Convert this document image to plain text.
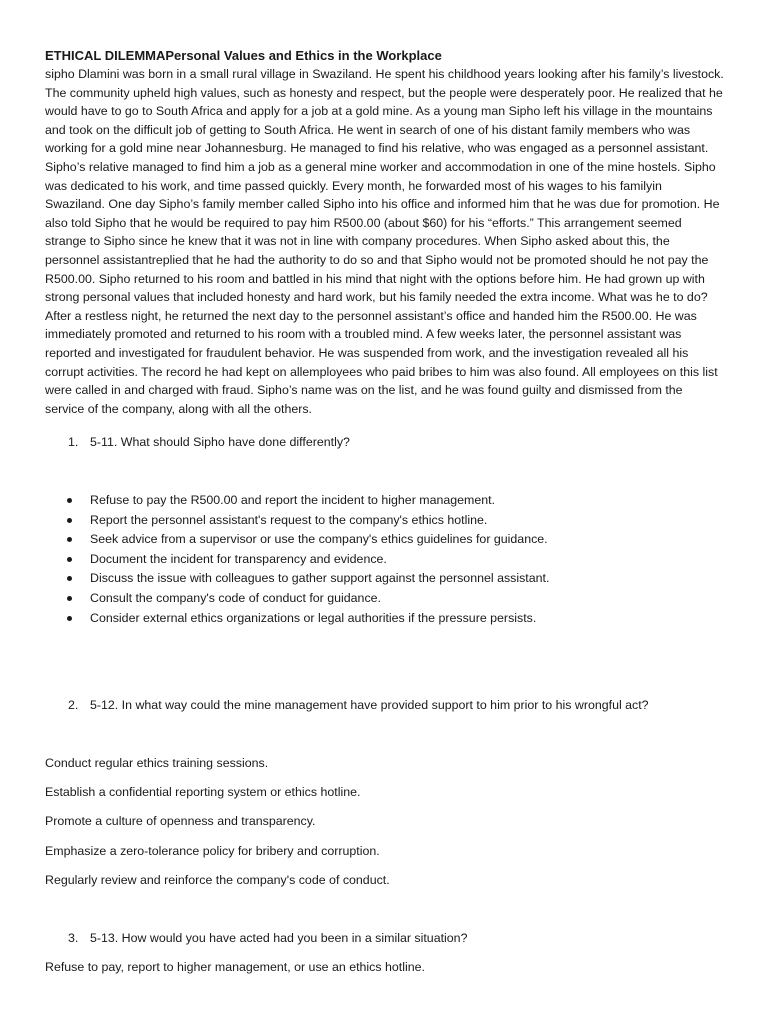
ETHICAL DILEMMAPersonal Values and Ethics in the Workplace

sipho Dlamini was born in a small rural village in Swaziland. He spent his childhood years looking after his family’s livestock. The community upheld high values, such as honesty and respect, but the people were desperately poor. He realized that he would have to go to South Africa and apply for a job at a gold mine. As a young man Sipho left his village in the mountains and took on the difficult job of getting to South Africa. He went in search of one of his distant family members who was working for a gold mine near Johannesburg. He managed to find his relative, who was engaged as a personnel assistant. Sipho’s relative managed to find him a job as a general mine worker and accommodation in one of the mine hostels. Sipho was dedicated to his work, and time passed quickly. Every month, he forwarded most of his wages to his familyin Swaziland. One day Sipho’s family member called Sipho into his office and informed him that he was due for promotion. He also told Sipho that he would be required to pay him R500.00 (about $60) for his “efforts.” This arrangement seemed strange to Sipho since he knew that it was not in line with company procedures. When Sipho asked about this, the personnel assistantreplied that he had the authority to do so and that Sipho would not be promoted should he not pay the R500.00. Sipho returned to his room and battled in his mind that night with the options before him. He had grown up with strong personal values that included honesty and hard work, but his family needed the extra income. What was he to do? After a restless night, he returned the next day to the personnel assistant’s office and handed him the R500.00. He was immediately promoted and returned to his room with a troubled mind. A few weeks later, the personnel assistant was reported and investigated for fraudulent behavior. He was suspended from work, and the investigation revealed all his corrupt activities. The record he had kept on allemployees who paid bribes to him was also found. All employees on this list were called in and charged with fraud. Sipho’s name was on the list, and he was found guilty and dismissed from the service of the company, along with all the others.

1. 5-11. What should Sipho have done differently?
Refuse to pay the R500.00 and report the incident to higher management.
Report the personnel assistant's request to the company's ethics hotline.
Seek advice from a supervisor or use the company's ethics guidelines for guidance.
Document the incident for transparency and evidence.
Discuss the issue with colleagues to gather support against the personnel assistant.
Consult the company's code of conduct for guidance.
Consider external ethics organizations or legal authorities if the pressure persists.
2. 5-12. In what way could the mine management have provided support to him prior to his wrongful act?
Conduct regular ethics training sessions.
Establish a confidential reporting system or ethics hotline.
Promote a culture of openness and transparency.
Emphasize a zero-tolerance policy for bribery and corruption.
Regularly review and reinforce the company's code of conduct.
3. 5-13. How would you have acted had you been in a similar situation?
Refuse to pay, report to higher management, or use an ethics hotline.
